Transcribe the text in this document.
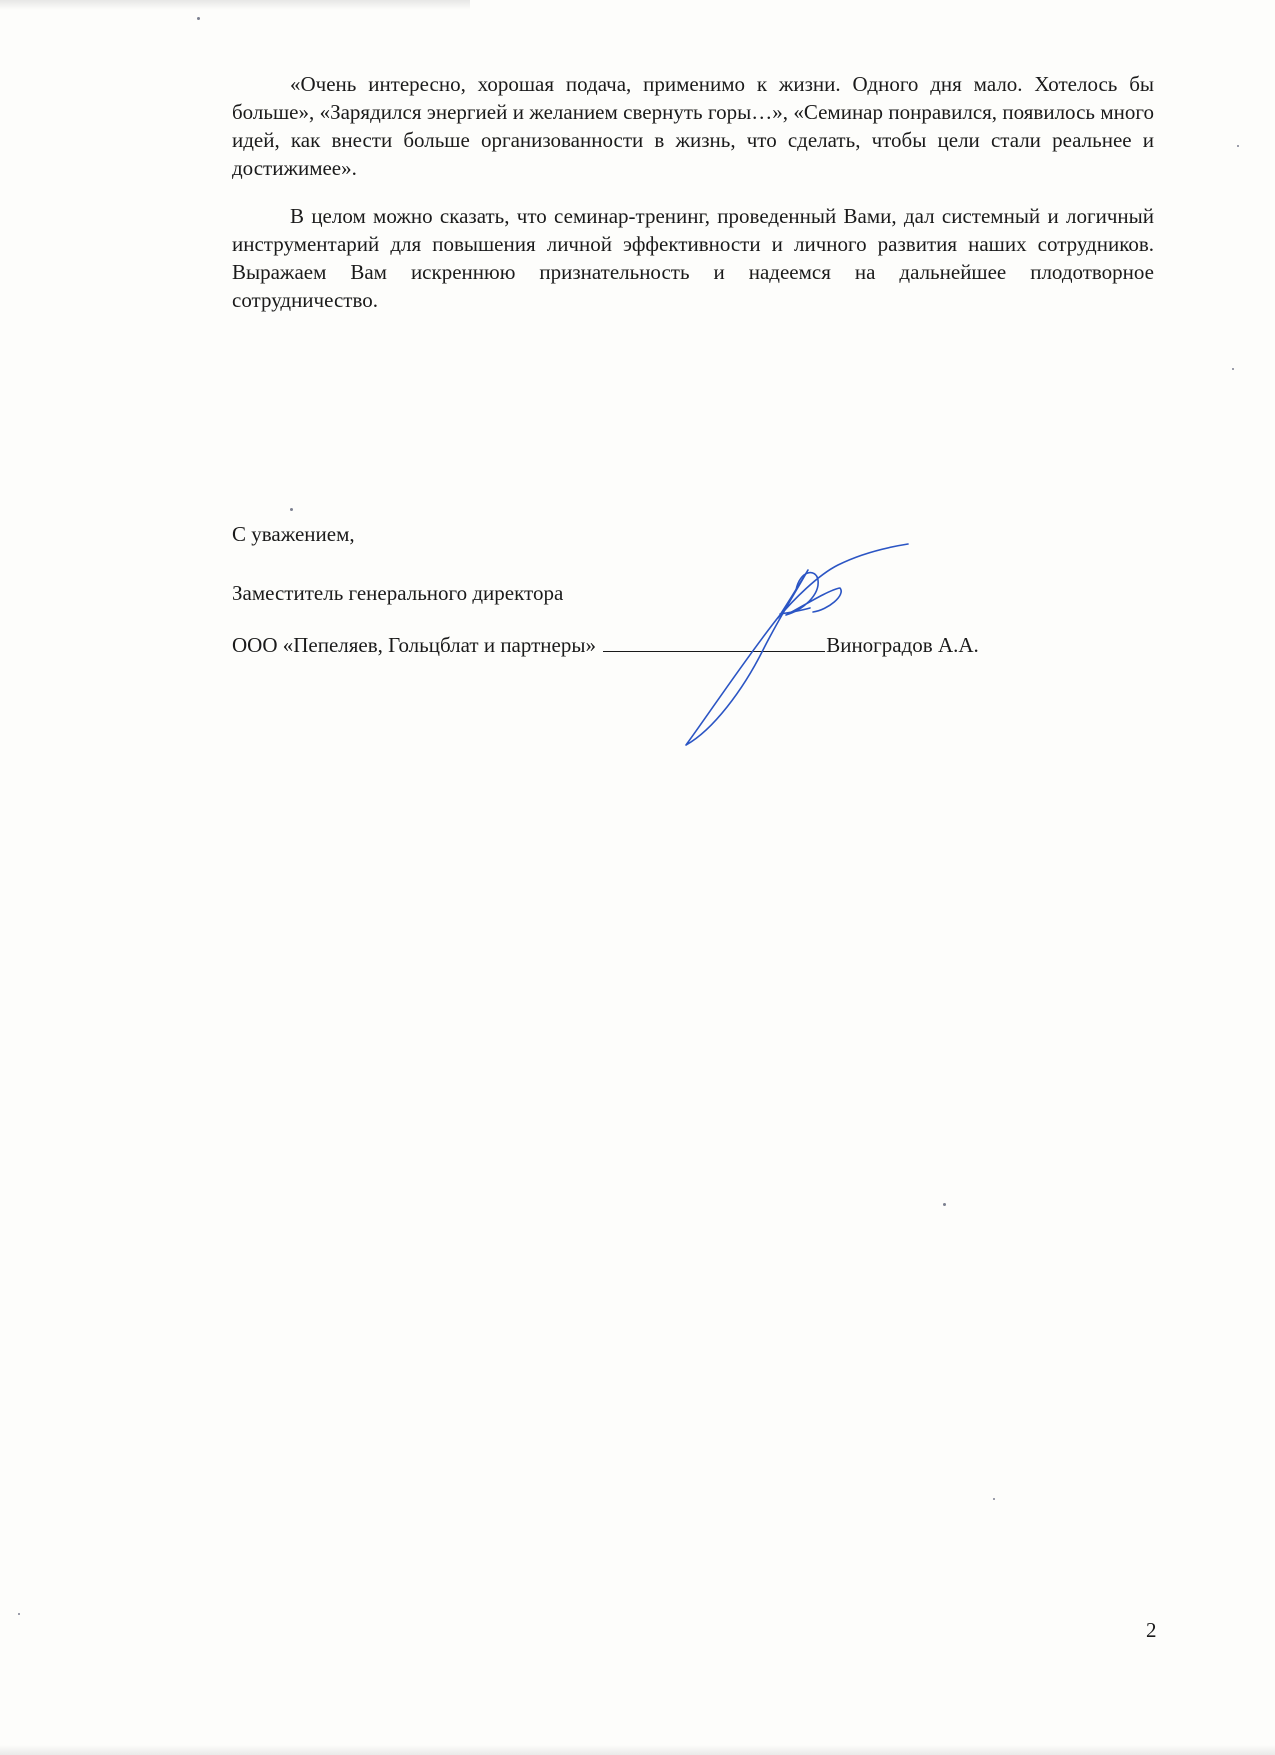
«Очень интересно, хорошая подача, применимо к жизни. Одного дня мало. Хотелось бы больше», «Зарядился энергией и желанием свернуть горы…», «Семинар понравился, появилось много идей, как внести больше организованности в жизнь, что сделать, чтобы цели стали реальнее и достижимее».

В целом можно сказать, что семинар-тренинг, проведенный Вами, дал системный и логичный инструментарий для повышения личной эффективности и личного развития наших сотрудников. Выражаем Вам искреннюю признательность и надеемся на дальнейшее плодотворное сотрудничество.

С уважением,
Заместитель генерального директора
ООО «Пепеляев, Гольцблат и партнеры»	Виноградов А.А.
2
